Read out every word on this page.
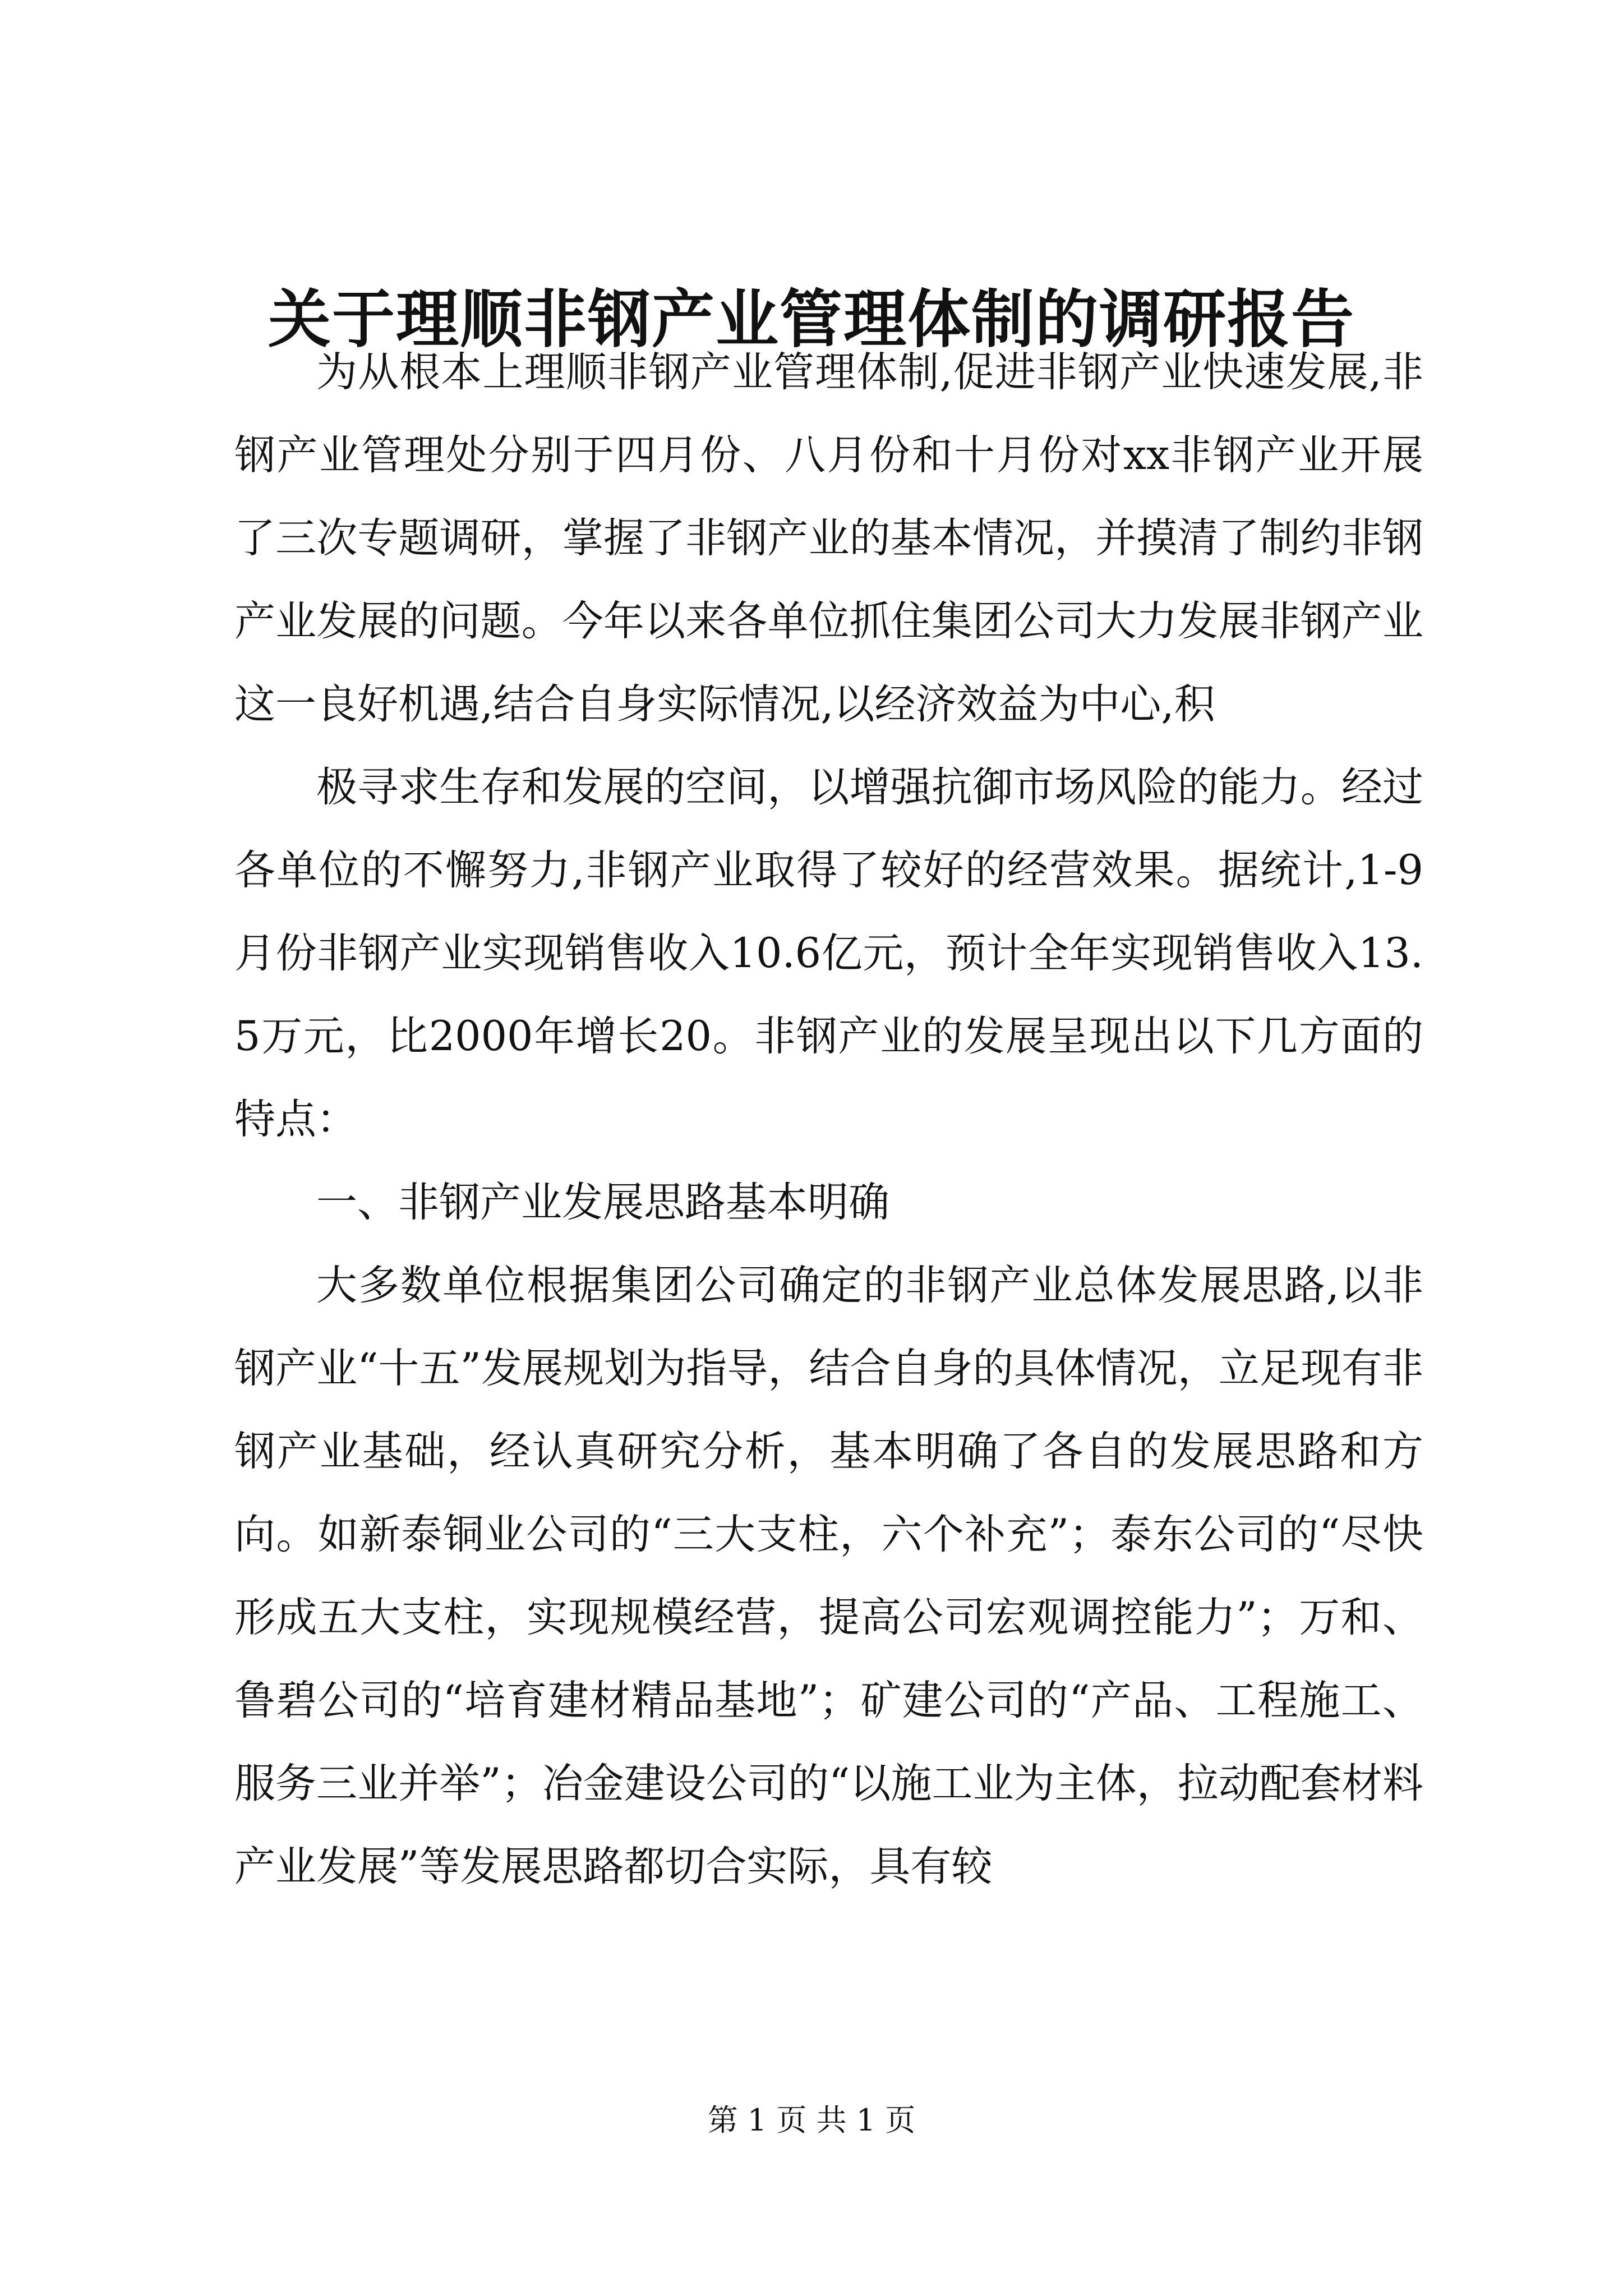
关于理顺非钢产业管理体制的调研报告

为从根本上理顺非钢产业管理体制,促进非钢产业快速发展,非钢产业管理处分别于四月份、八月份和十月份对xx非钢产业开展了三次专题调研，掌握了非钢产业的基本情况，并摸清了制约非钢产业发展的问题。今年以来各单位抓住集团公司大力发展非钢产业这一良好机遇,结合自身实际情况,以经济效益为中心,积

极寻求生存和发展的空间，以增强抗御市场风险的能力。经过各单位的不懈努力,非钢产业取得了较好的经营效果。据统计,1-9月份非钢产业实现销售收入10.6亿元，预计全年实现销售收入13.5万元，比2000年增长20。非钢产业的发展呈现出以下几方面的特点：

一、非钢产业发展思路基本明确

大多数单位根据集团公司确定的非钢产业总体发展思路,以非钢产业“十五”发展规划为指导，结合自身的具体情况，立足现有非钢产业基础，经认真研究分析，基本明确了各自的发展思路和方向。如新泰铜业公司的“三大支柱，六个补充”；泰东公司的“尽快形成五大支柱，实现规模经营，提高公司宏观调控能力”；万和、鲁碧公司的“培育建材精品基地”；矿建公司的“产品、工程施工、服务三业并举”；冶金建设公司的“以施工业为主体，拉动配套材料产业发展”等发展思路都切合实际，具有较

第 1 页 共 1 页
